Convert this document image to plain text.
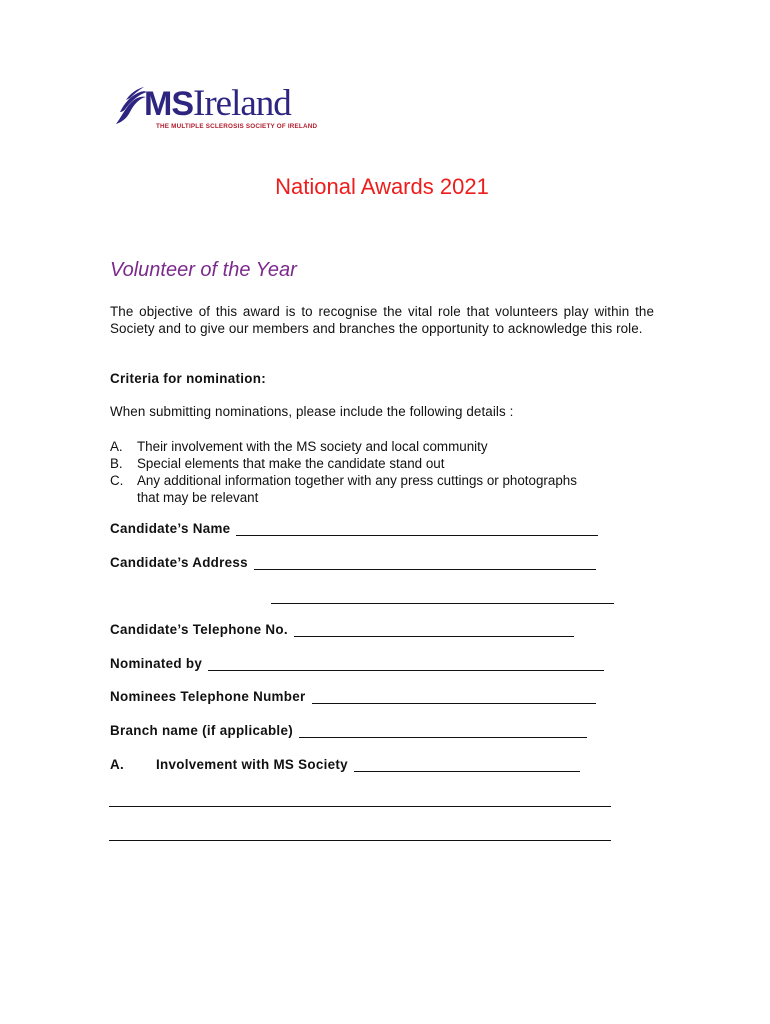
MSIreland
THE MULTIPLE SCLEROSIS SOCIETY OF IRELAND
National Awards 2021
Volunteer of the Year
The objective of this award is to recognise the vital role that volunteers play within the Society and to give our members and branches the opportunity to acknowledge this role.
Criteria for nomination:
When submitting nominations, please include the following details :
A. Their involvement with the MS society and local community
B. Special elements that make the candidate stand out
C. Any additional information together with any press cuttings or photographs that may be relevant
Candidate’s Name
Candidate’s Address
Candidate’s Telephone No.
Nominated by
Nominees Telephone Number
Branch name (if applicable)
A.	Involvement with MS Society
